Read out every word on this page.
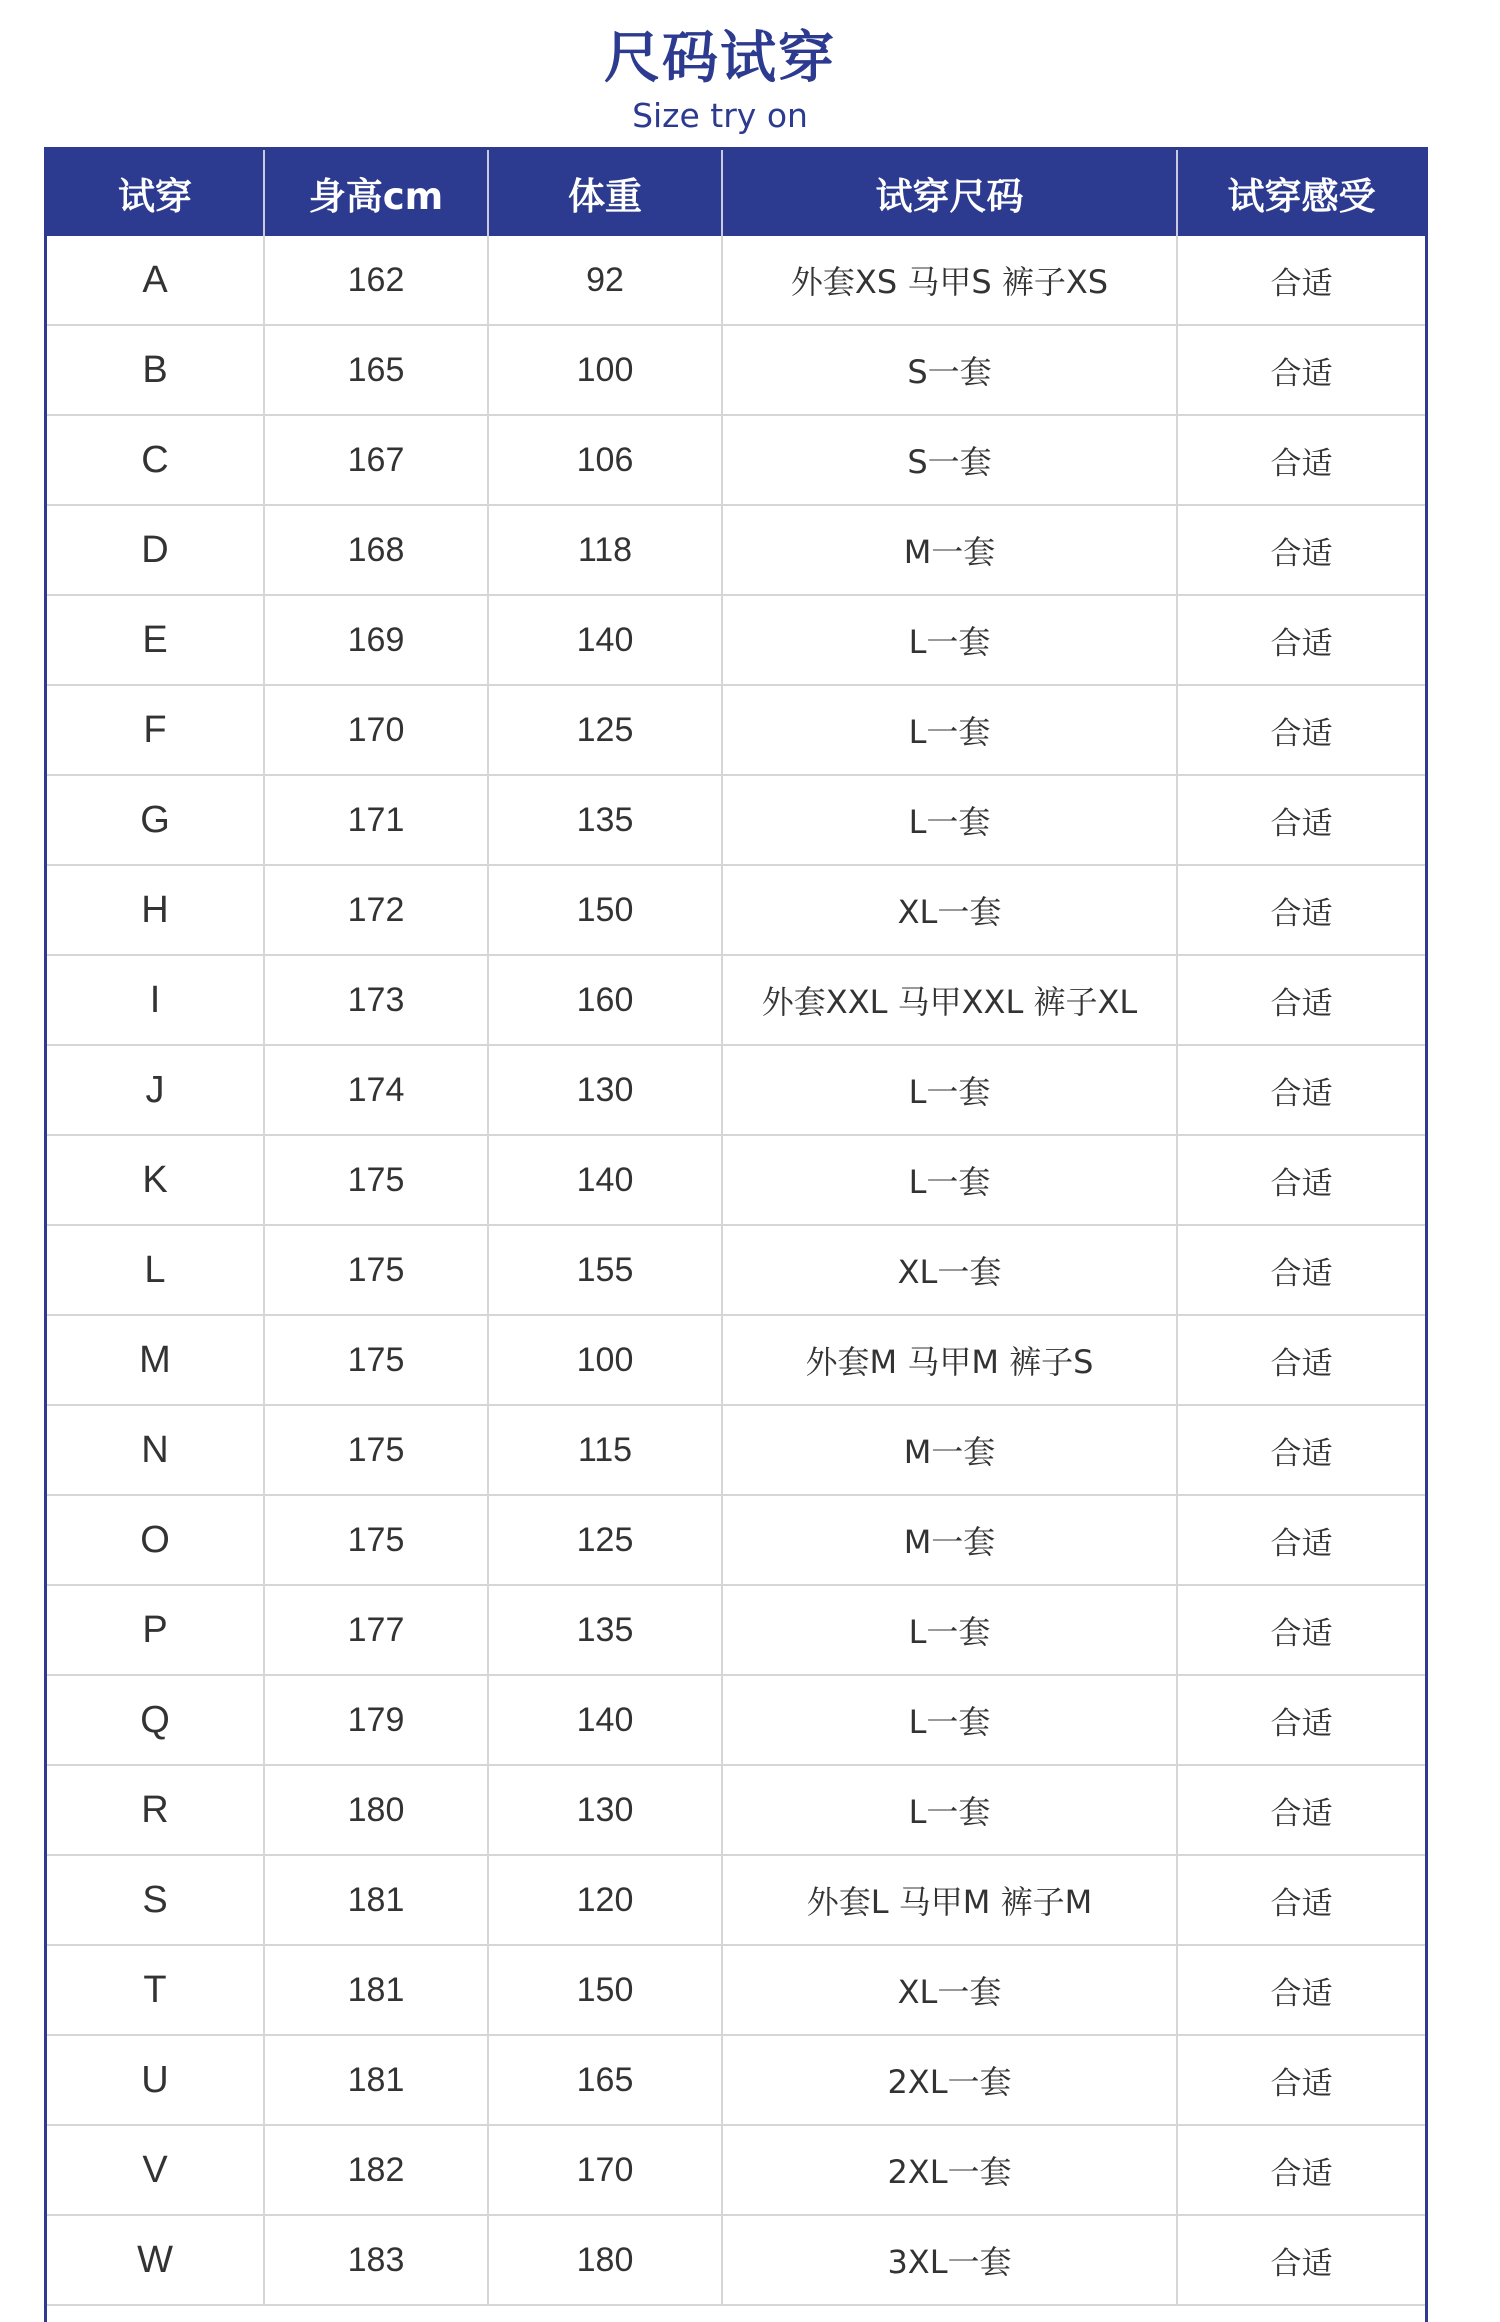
尺码试穿
Size try on
试穿	身高cm	体重	试穿尺码	试穿感受
A	162	92	外套XS 马甲S 裤子XS	合适
B	165	100	S一套	合适
C	167	106	S一套	合适
D	168	118	M一套	合适
E	169	140	L一套	合适
F	170	125	L一套	合适
G	171	135	L一套	合适
H	172	150	XL一套	合适
I	173	160	外套XXL 马甲XXL 裤子XL	合适
J	174	130	L一套	合适
K	175	140	L一套	合适
L	175	155	XL一套	合适
M	175	100	外套M 马甲M 裤子S	合适
N	175	115	M一套	合适
O	175	125	M一套	合适
P	177	135	L一套	合适
Q	179	140	L一套	合适
R	180	130	L一套	合适
S	181	120	外套L 马甲M 裤子M	合适
T	181	150	XL一套	合适
U	181	165	2XL一套	合适
V	182	170	2XL一套	合适
W	183	180	3XL一套	合适
